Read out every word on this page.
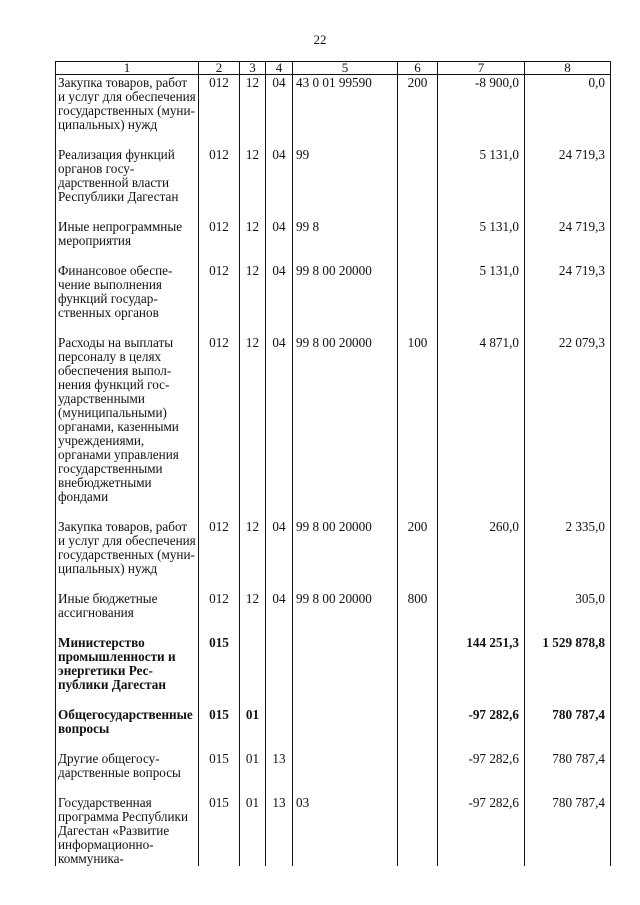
22
1	2	3	4	5	6	7	8
Закупка товаров, работ и услуг для обеспечения государственных (муниципальных) нужд	012	12	04	43 0 01 99590	200	-8 900,0	0,0
Реализация функций органов государственной власти Республики Дагестан	012	12	04	99		5 131,0	24 719,3
Иные непрограммные мероприятия	012	12	04	99 8		5 131,0	24 719,3
Финансовое обеспечение выполнения функций государственных органов	012	12	04	99 8 00 20000		5 131,0	24 719,3
Расходы на выплаты персоналу в целях обеспечения выполнения функций государственными (муниципальными) органами, казенными учреждениями, органами управления государственными внебюджетными фондами	012	12	04	99 8 00 20000	100	4 871,0	22 079,3
Закупка товаров, работ и услуг для обеспечения государственных (муниципальных) нужд	012	12	04	99 8 00 20000	200	260,0	2 335,0
Иные бюджетные ассигнования	012	12	04	99 8 00 20000	800		305,0
Министерство промышленности и энергетики Республики Дагестан	015					144 251,3	1 529 878,8
Общегосударственные вопросы	015	01				-97 282,6	780 787,4
Другие общегосударственные вопросы	015	01	13			-97 282,6	780 787,4
Государственная программа Республики Дагестан «Развитие информационно-коммуника-	015	01	13	03		-97 282,6	780 787,4
